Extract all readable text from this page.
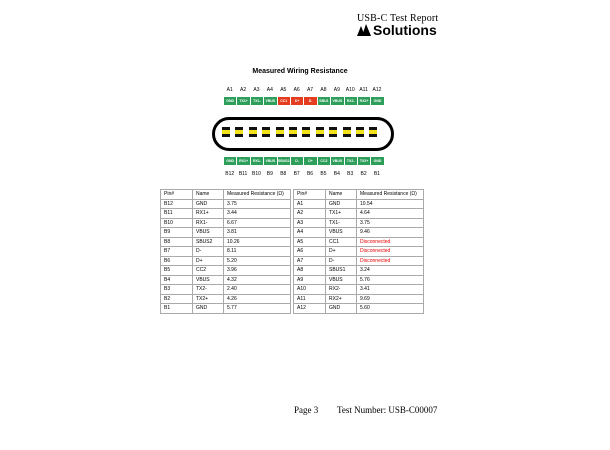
USB-C Test Report
Solutions
Measured Wiring Resistance
A1	A2	A3	A4	A5	A6	A7	A8	A9	A10 A11 A12
GND	TX1+	TX1-	VBUS	CC1	D+	D-	SBU1	VBUS	RX2-	RX2+	GND
GND	RX1+	RX1-	VBUS SBUS2	D-	D+	CC2	VBUS	TX2-	TX2+	GND
B12 B11 B10	B9	B8	B7	B6	B5	B4	B3	B2	B1
Pin#	Name	Measured Resistance (Ω)
B12	GND	3.75
B11	RX1+	3.44
B10	RX1-	6.67
B9	VBUS	3.81
B8	SBUS2	10.26
B7	D-	8.11
B6	D+	5.20
B5	CC2	3.96
B4	VBUS	4.32
B3	TX2-	2.40
B2	TX2+	4.26
B1	GND	5.77
Pin#	Name	Measured Resistance (Ω)
A1	GND	10.54
A2	TX1+	4.64
A3	TX1-	3.75
A4	VBUS	9.46
A5	CC1	Disconnected
A6	D+	Disconnected
A7	D-	Disconnected
A8	SBUS1	3.24
A9	VBUS	5.76
A10	RX2-	3.41
A11	RX2+	9.69
A12	GND	5.60
Page 3 Test Number: USB-C00007
